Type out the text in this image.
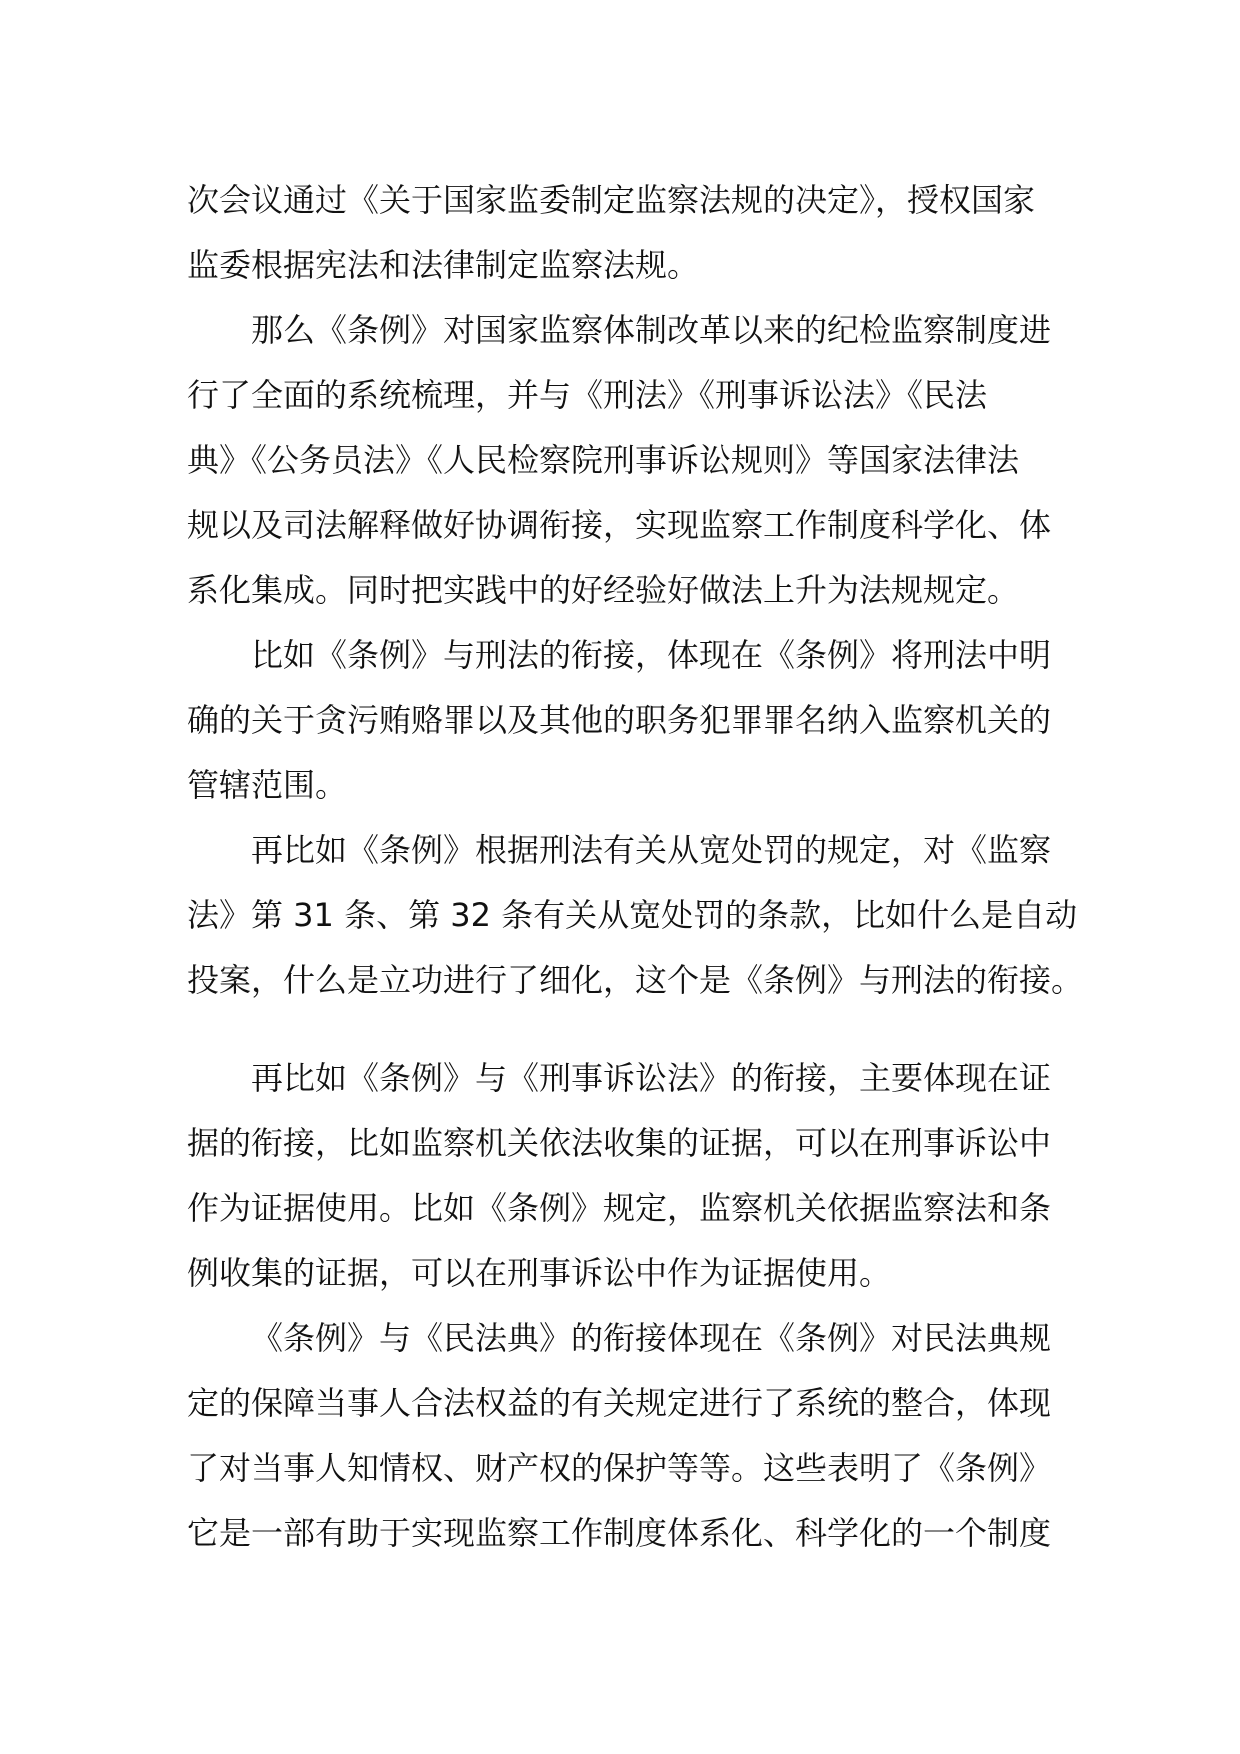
次会议通过《关于国家监委制定监察法规的决定》，授权国家
监委根据宪法和法律制定监察法规。
那么《条例》对国家监察体制改革以来的纪检监察制度进
行了全面的系统梳理，并与《刑法》《刑事诉讼法》《民法
典》《公务员法》《人民检察院刑事诉讼规则》等国家法律法
规以及司法解释做好协调衔接，实现监察工作制度科学化、体
系化集成。同时把实践中的好经验好做法上升为法规规定。
比如《条例》与刑法的衔接，体现在《条例》将刑法中明
确的关于贪污贿赂罪以及其他的职务犯罪罪名纳入监察机关的
管辖范围。
再比如《条例》根据刑法有关从宽处罚的规定，对《监察
法》第 31 条、第 32 条有关从宽处罚的条款，比如什么是自动
投案，什么是立功进行了细化，这个是《条例》与刑法的衔接。
再比如《条例》与《刑事诉讼法》的衔接，主要体现在证
据的衔接，比如监察机关依法收集的证据，可以在刑事诉讼中
作为证据使用。比如《条例》规定，监察机关依据监察法和条
例收集的证据，可以在刑事诉讼中作为证据使用。
《条例》与《民法典》的衔接体现在《条例》对民法典规
定的保障当事人合法权益的有关规定进行了系统的整合，体现
了对当事人知情权、财产权的保护等等。这些表明了《条例》
它是一部有助于实现监察工作制度体系化、科学化的一个制度
